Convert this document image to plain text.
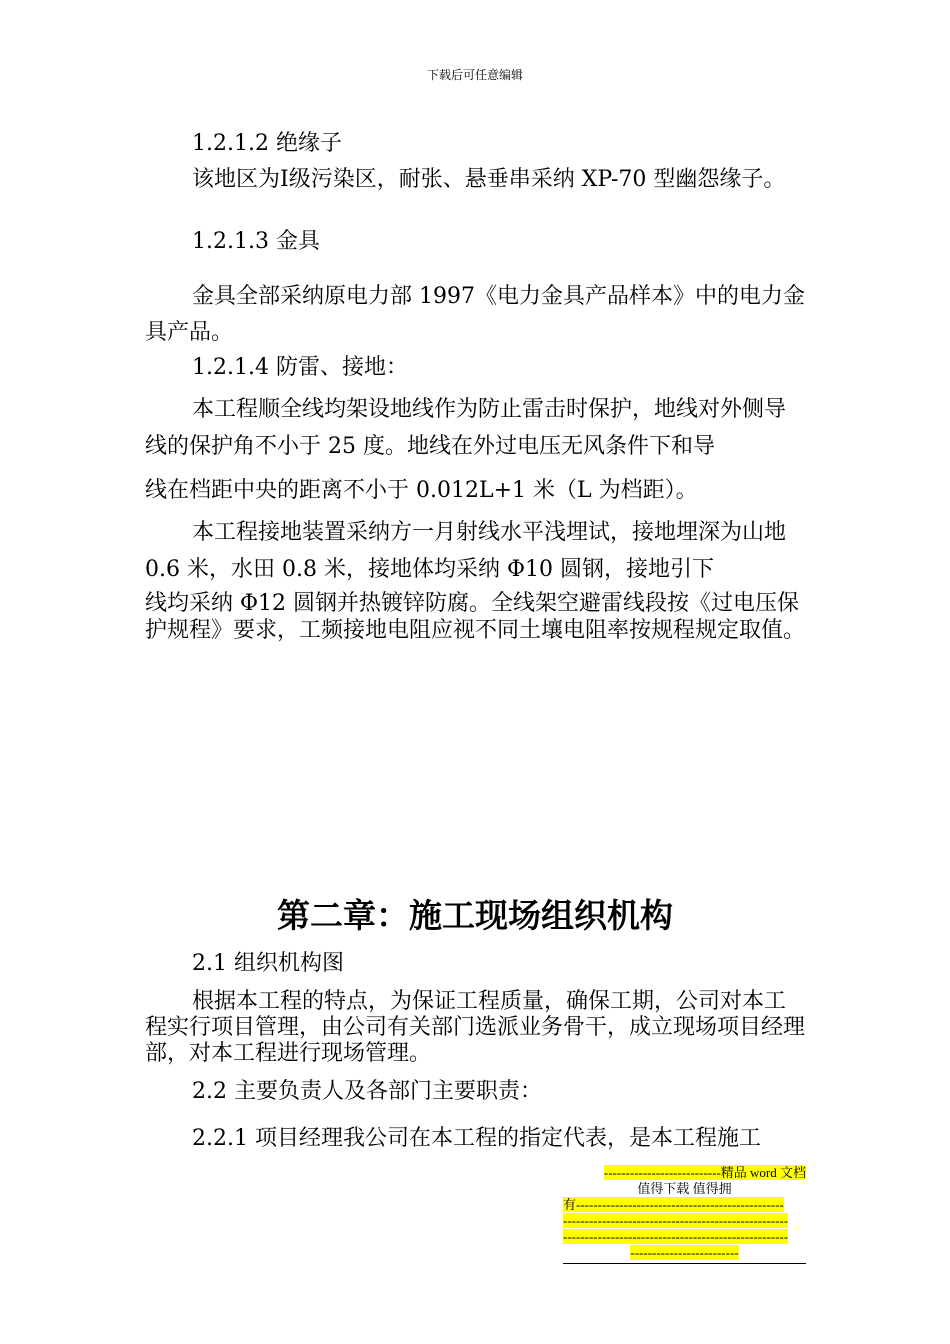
下载后可任意编辑

1.2.1.2 绝缘子

该地区为Ⅰ级污染区，耐张、悬垂串采纳 XP-70 型幽怨缘子。

1.2.1.3 金具

金具全部采纳原电力部 1997《电力金具产品样本》中的电力金具产品。

1.2.1.4 防雷、接地：

本工程顺全线均架设地线作为防止雷击时保护，地线对外侧导线的保护角不小于 25 度。地线在外过电压无风条件下和导

线在档距中央的距离不小于 0.012L+1 米（L 为档距）。

本工程接地装置采纳方一月射线水平浅埋试，接地埋深为山地 0.6 米，水田 0.8 米，接地体均采纳 Φ10 圆钢，接地引下

线均采纳 Φ12 圆钢并热镀锌防腐。全线架空避雷线段按《过电压保护规程》要求，工频接地电阻应视不同土壤电阻率按规程规定取值。

第二章：施工现场组织机构

2.1 组织机构图

根据本工程的特点，为保证工程质量，确保工期，公司对本工程实行项目管理，由公司有关部门选派业务骨干，成立现场项目经理部，对本工程进行现场管理。

2.2 主要负责人及各部门主要职责：

2.2.1 项目经理我公司在本工程的指定代表，是本工程施工

---------------------------精品 word 文档
值得下载 值得拥
有------------------------------------------------
----------------------------------------------------
----------------------------------------------------
-------------------------
